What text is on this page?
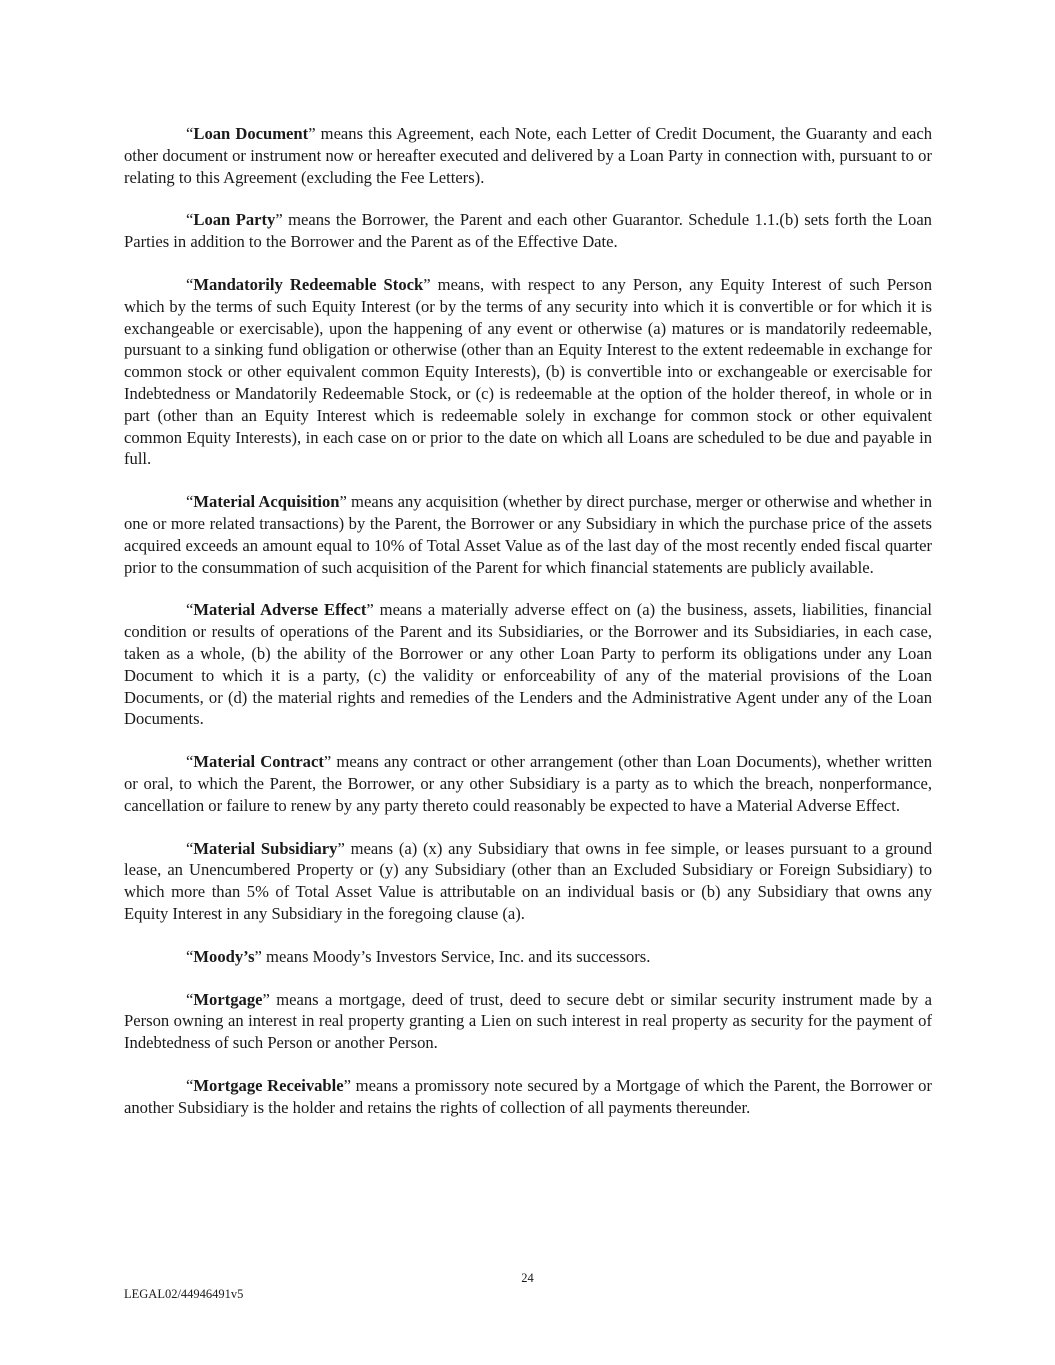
“Loan Document” means this Agreement, each Note, each Letter of Credit Document, the Guaranty and each other document or instrument now or hereafter executed and delivered by a Loan Party in connection with, pursuant to or relating to this Agreement (excluding the Fee Letters).

“Loan Party” means the Borrower, the Parent and each other Guarantor. Schedule 1.1.(b) sets forth the Loan Parties in addition to the Borrower and the Parent as of the Effective Date.

“Mandatorily Redeemable Stock” means, with respect to any Person, any Equity Interest of such Person which by the terms of such Equity Interest (or by the terms of any security into which it is convertible or for which it is exchangeable or exercisable), upon the happening of any event or otherwise (a) matures or is mandatorily redeemable, pursuant to a sinking fund obligation or otherwise (other than an Equity Interest to the extent redeemable in exchange for common stock or other equivalent common Equity Interests), (b) is convertible into or exchangeable or exercisable for Indebtedness or Mandatorily Redeemable Stock, or (c) is redeemable at the option of the holder thereof, in whole or in part (other than an Equity Interest which is redeemable solely in exchange for common stock or other equivalent common Equity Interests), in each case on or prior to the date on which all Loans are scheduled to be due and payable in full.

“Material Acquisition” means any acquisition (whether by direct purchase, merger or otherwise and whether in one or more related transactions) by the Parent, the Borrower or any Subsidiary in which the purchase price of the assets acquired exceeds an amount equal to 10% of Total Asset Value as of the last day of the most recently ended fiscal quarter prior to the consummation of such acquisition of the Parent for which financial statements are publicly available.

“Material Adverse Effect” means a materially adverse effect on (a) the business, assets, liabilities, financial condition or results of operations of the Parent and its Subsidiaries, or the Borrower and its Subsidiaries, in each case, taken as a whole, (b) the ability of the Borrower or any other Loan Party to perform its obligations under any Loan Document to which it is a party, (c) the validity or enforceability of any of the material provisions of the Loan Documents, or (d) the material rights and remedies of the Lenders and the Administrative Agent under any of the Loan Documents.

“Material Contract” means any contract or other arrangement (other than Loan Documents), whether written or oral, to which the Parent, the Borrower, or any other Subsidiary is a party as to which the breach, nonperformance, cancellation or failure to renew by any party thereto could reasonably be expected to have a Material Adverse Effect.

“Material Subsidiary” means (a) (x) any Subsidiary that owns in fee simple, or leases pursuant to a ground lease, an Unencumbered Property or (y) any Subsidiary (other than an Excluded Subsidiary or Foreign Subsidiary) to which more than 5% of Total Asset Value is attributable on an individual basis or (b) any Subsidiary that owns any Equity Interest in any Subsidiary in the foregoing clause (a).

“Moody’s” means Moody’s Investors Service, Inc. and its successors.

“Mortgage” means a mortgage, deed of trust, deed to secure debt or similar security instrument made by a Person owning an interest in real property granting a Lien on such interest in real property as security for the payment of Indebtedness of such Person or another Person.

“Mortgage Receivable” means a promissory note secured by a Mortgage of which the Parent, the Borrower or another Subsidiary is the holder and retains the rights of collection of all payments thereunder.

24
LEGAL02/44946491v5
